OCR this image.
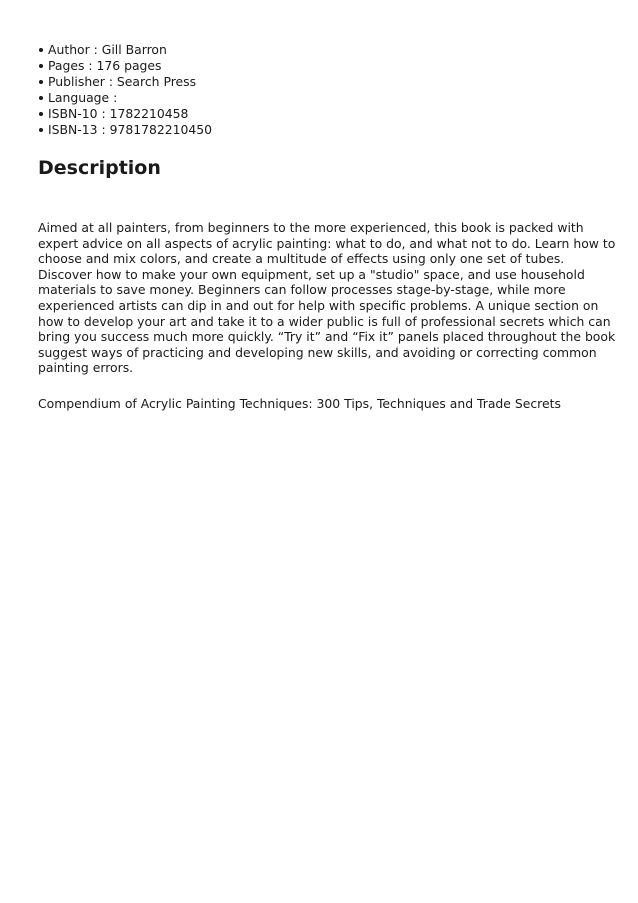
Author : Gill Barron
Pages : 176 pages
Publisher : Search Press
Language :
ISBN-10 : 1782210458
ISBN-13 : 9781782210450
Description

Aimed at all painters, from beginners to the more experienced, this book is packed with expert advice on all aspects of acrylic painting: what to do, and what not to do. Learn how to choose and mix colors, and create a multitude of effects using only one set of tubes. Discover how to make your own equipment, set up a "studio" space, and use household materials to save money. Beginners can follow processes stage-by-stage, while more experienced artists can dip in and out for help with specific problems. A unique section on how to develop your art and take it to a wider public is full of professional secrets which can bring you success much more quickly. “Try it” and “Fix it” panels placed throughout the book suggest ways of practicing and developing new skills, and avoiding or correcting common painting errors.

Compendium of Acrylic Painting Techniques: 300 Tips, Techniques and Trade Secrets
